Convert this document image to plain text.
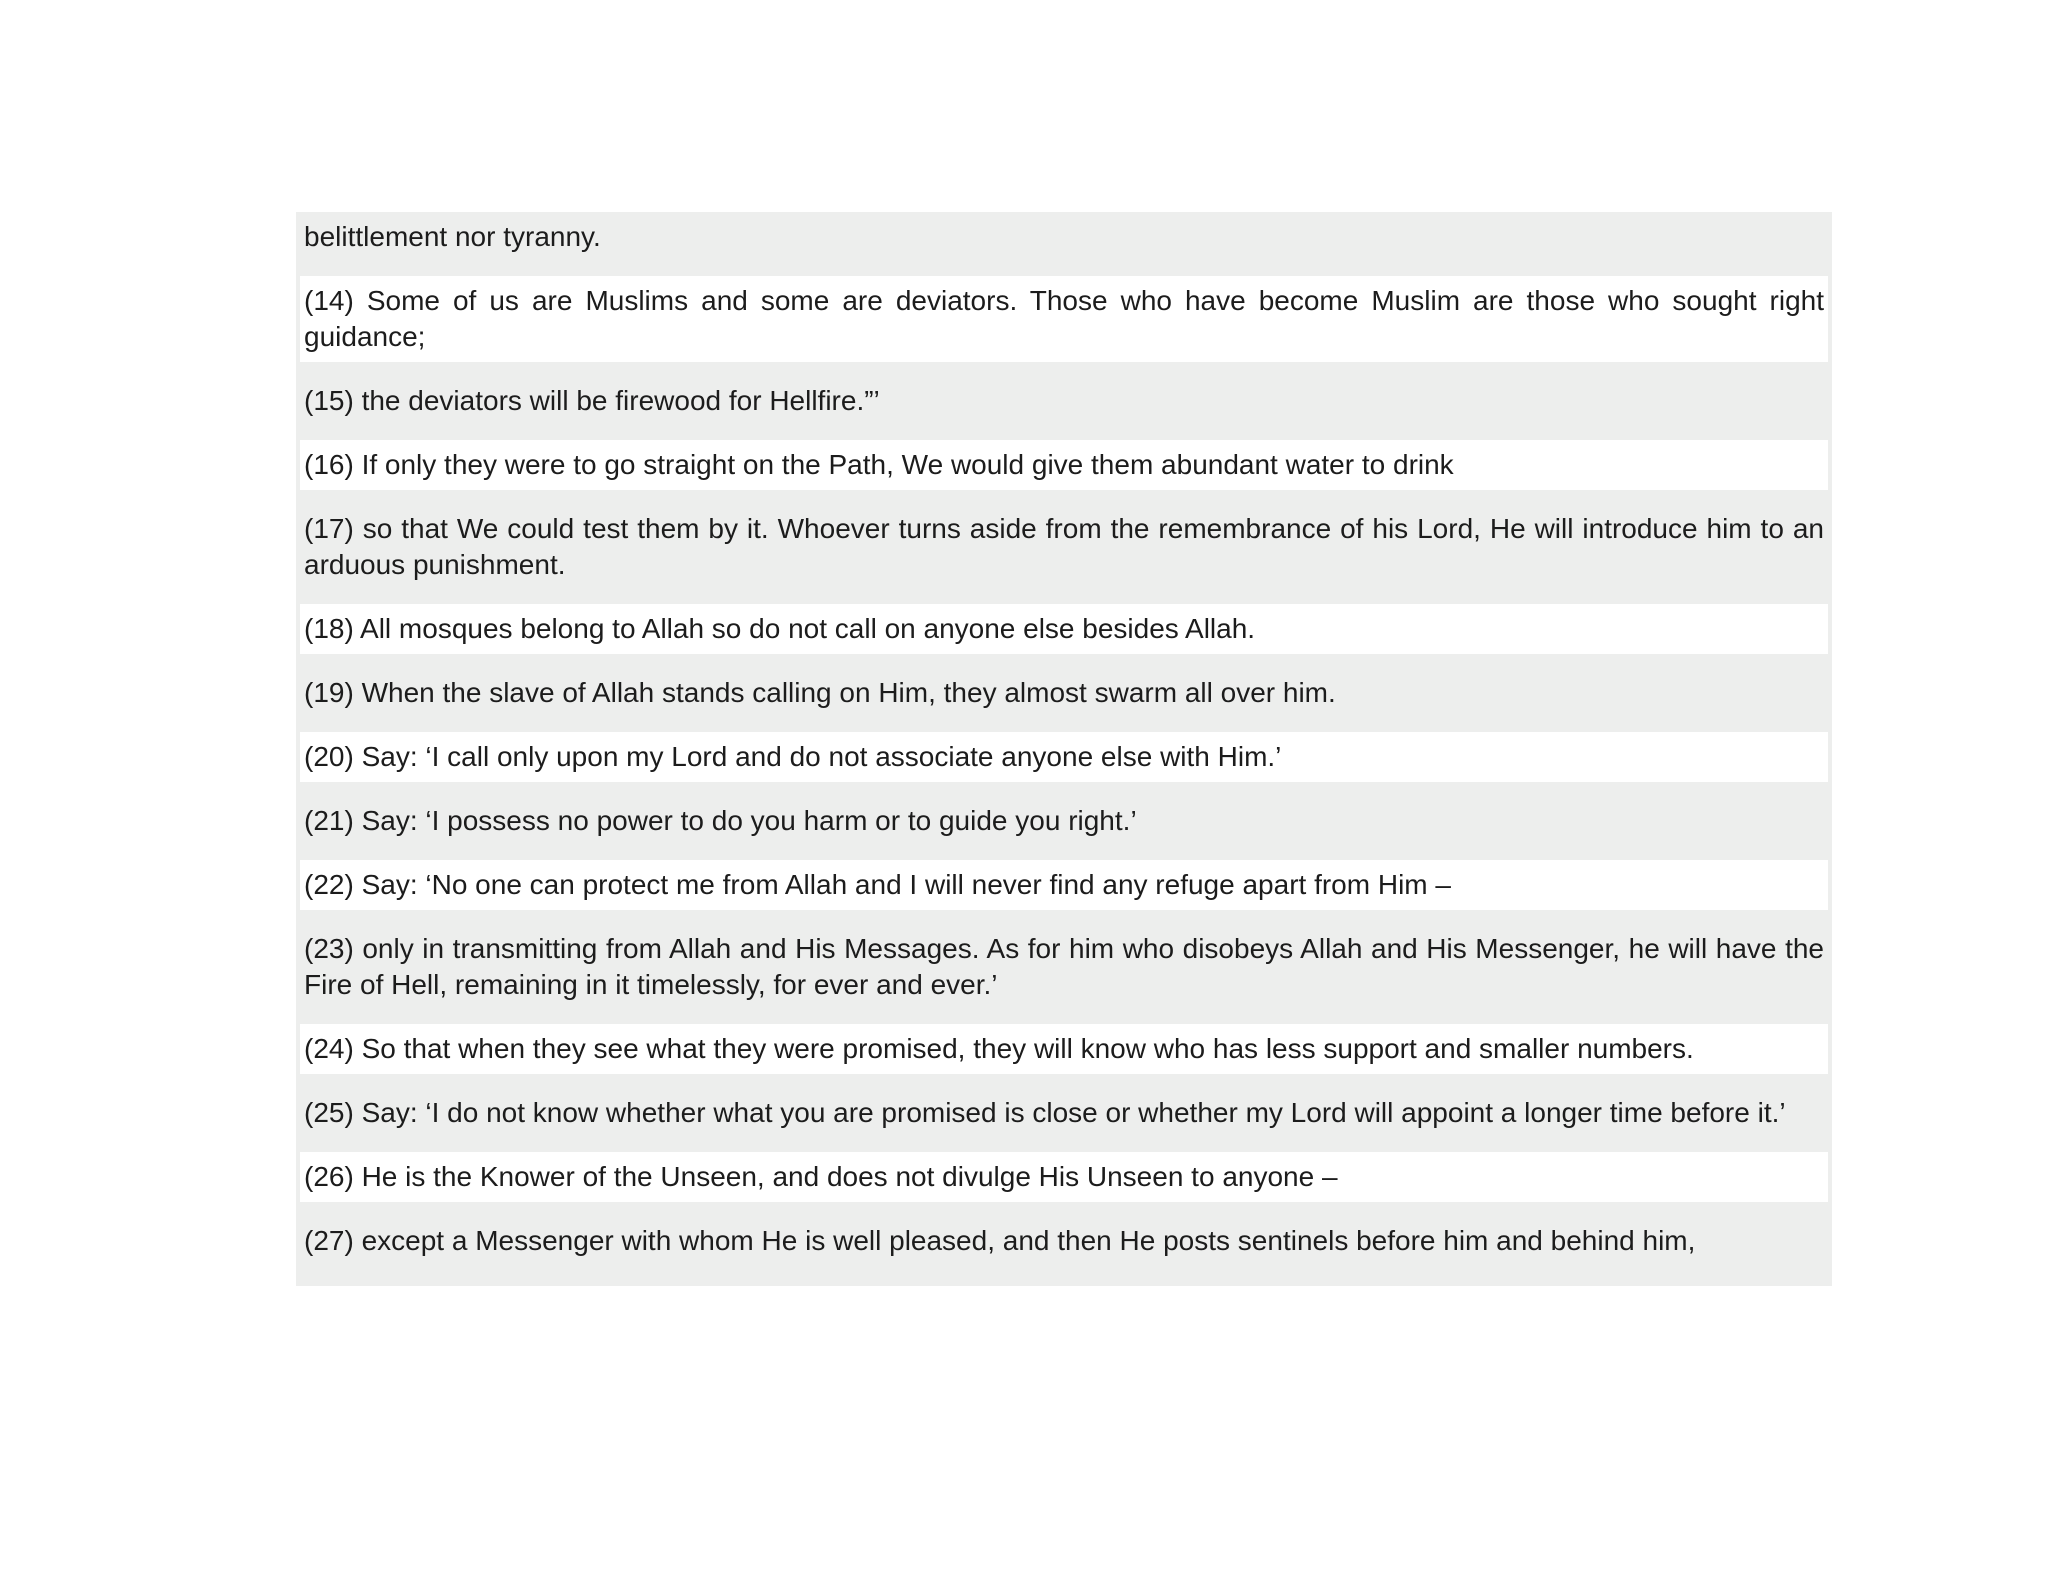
belittlement nor tyranny.

(14) Some of us are Muslims and some are deviators. Those who have become Muslim are those who sought right guidance;

(15) the deviators will be firewood for Hellfire.”’

(16) If only they were to go straight on the Path, We would give them abundant water to drink

(17) so that We could test them by it. Whoever turns aside from the remembrance of his Lord, He will introduce him to an arduous punishment.

(18) All mosques belong to Allah so do not call on anyone else besides Allah.

(19) When the slave of Allah stands calling on Him, they almost swarm all over him.

(20) Say: ‘I call only upon my Lord and do not associate anyone else with Him.’

(21) Say: ‘I possess no power to do you harm or to guide you right.’

(22) Say: ‘No one can protect me from Allah and I will never find any refuge apart from Him –

(23) only in transmitting from Allah and His Messages. As for him who disobeys Allah and His Messenger, he will have the Fire of Hell, remaining in it timelessly, for ever and ever.’

(24) So that when they see what they were promised, they will know who has less support and smaller numbers.

(25) Say: ‘I do not know whether what you are promised is close or whether my Lord will appoint a longer time before it.’

(26) He is the Knower of the Unseen, and does not divulge His Unseen to anyone –

(27) except a Messenger with whom He is well pleased, and then He posts sentinels before him and behind him,
